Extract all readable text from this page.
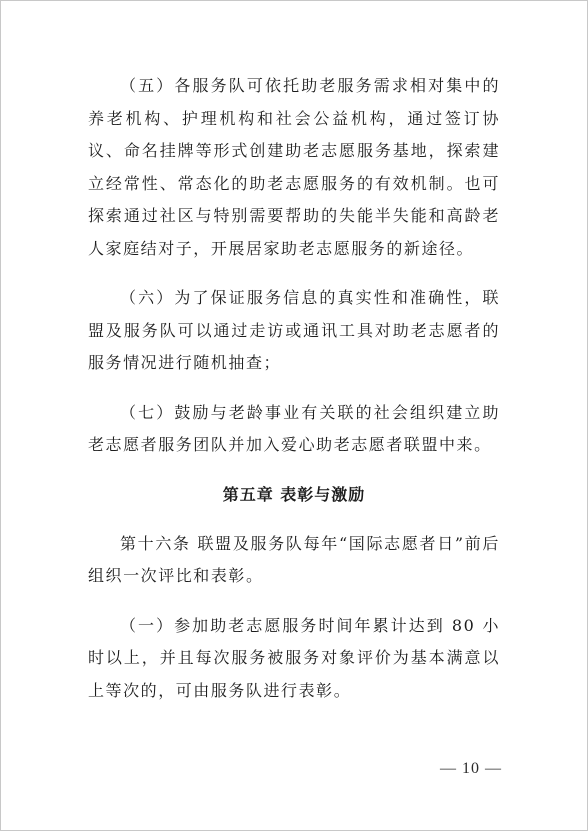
（五）各服务队可依托助老服务需求相对集中的养老机构、护理机构和社会公益机构，通过签订协议、命名挂牌等形式创建助老志愿服务基地，探索建立经常性、常态化的助老志愿服务的有效机制。也可探索通过社区与特别需要帮助的失能半失能和高龄老人家庭结对子，开展居家助老志愿服务的新途径。

（六）为了保证服务信息的真实性和准确性，联盟及服务队可以通过走访或通讯工具对助老志愿者的服务情况进行随机抽查；

（七）鼓励与老龄事业有关联的社会组织建立助老志愿者服务团队并加入爱心助老志愿者联盟中来。

第五章 表彰与激励

第十六条 联盟及服务队每年“国际志愿者日”前后组织一次评比和表彰。

（一）参加助老志愿服务时间年累计达到 80 小时以上，并且每次服务被服务对象评价为基本满意以上等次的，可由服务队进行表彰。

— 10 —
